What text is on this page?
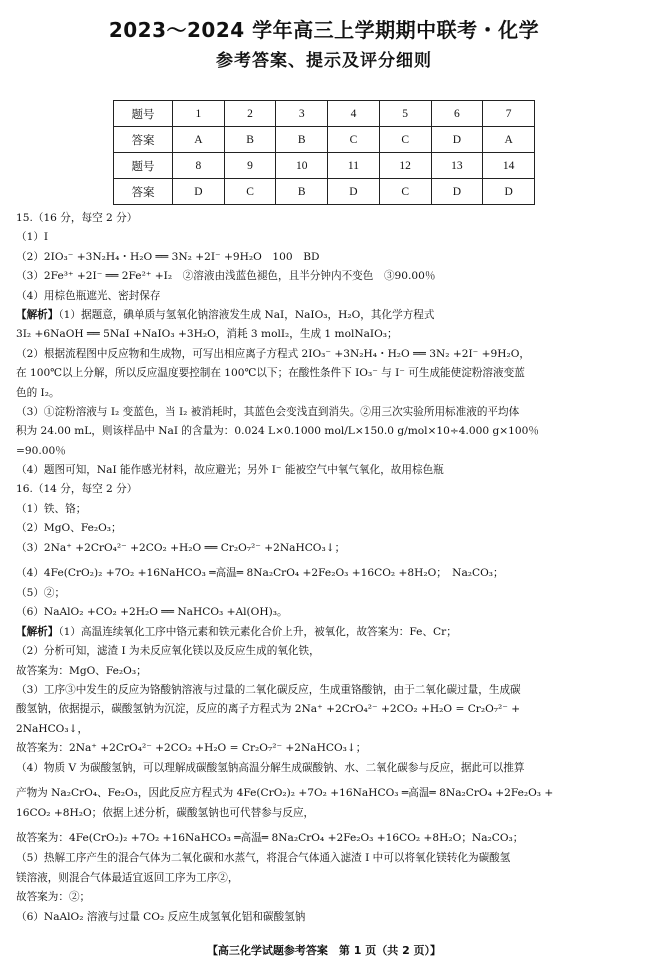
2023～2024 学年高三上学期期中联考・化学
参考答案、提示及评分细则
题号	1	2	3	4	5	6	7
答案	A	B	B	C	C	D	A
题号	8	9	10	11	12	13	14
答案	D	C	B	D	C	D	D
15.（16 分，每空 2 分）
（1）I
（2）2IO₃⁻ +3N₂H₄・H₂O ══ 3N₂ +2I⁻ +9H₂O　100　BD
（3）2Fe³⁺ +2I⁻ ══ 2Fe²⁺ +I₂　②溶液由浅蓝色褪色，且半分钟内不变色　③90.00％
（4）用棕色瓶遮光、密封保存
【解析】（1）据题意，碘单质与氢氧化钠溶液发生成 NaI，NaIO₃，H₂O，其化学方程式
3I₂ +6NaOH ══ 5NaI +NaIO₃ +3H₂O，消耗 3 molI₂，生成 1 molNaIO₃；
（2）根据流程图中反应物和生成物，可写出相应离子方程式 2IO₃⁻ +3N₂H₄・H₂O ══ 3N₂ +2I⁻ +9H₂O，
在 100℃以上分解，所以反应温度要控制在 100℃以下；在酸性条件下 IO₃⁻ 与 I⁻ 可生成能使淀粉溶液变蓝
色的 I₂。
（3）①淀粉溶液与 I₂ 变蓝色，当 I₂ 被消耗时，其蓝色会变浅直到消失。②用三次实验所用标准液的平均体
积为 24.00 mL，则该样品中 NaI 的含量为：0.024 L×0.1000 mol/L×150.0 g/mol×10÷4.000 g×100％
=90.00％
（4）题图可知，NaI 能作感光材料，故应避光；另外 I⁻ 能被空气中氧气氧化，故用棕色瓶
16.（14 分，每空 2 分）
（1）铁、铬；
（2）MgO、Fe₂O₃；
（3）2Na⁺ +2CrO₄²⁻ +2CO₂ +H₂O ══ Cr₂O₇²⁻ +2NaHCO₃↓；
（4）4Fe(CrO₂)₂ +7O₂ +16NaHCO₃ ═高温═ 8Na₂CrO₄ +2Fe₂O₃ +16CO₂ +8H₂O；　Na₂CO₃；
（5）②；
（6）NaAlO₂ +CO₂ +2H₂O ══ NaHCO₃ +Al(OH)₃。
【解析】（1）高温连续氧化工序中铬元素和铁元素化合价上升，被氧化，故答案为：Fe、Cr；
（2）分析可知，滤渣 I 为未反应氧化镁以及反应生成的氧化铁，
故答案为：MgO、Fe₂O₃；
（3）工序③中发生的反应为铬酸钠溶液与过量的二氧化碳反应，生成重铬酸钠，由于二氧化碳过量，生成碳
酸氢钠，依据提示，碳酸氢钠为沉淀，反应的离子方程式为 2Na⁺ +2CrO₄²⁻ +2CO₂ +H₂O = Cr₂O₇²⁻ +
2NaHCO₃↓，
故答案为：2Na⁺ +2CrO₄²⁻ +2CO₂ +H₂O = Cr₂O₇²⁻ +2NaHCO₃↓；
（4）物质 V 为碳酸氢钠，可以理解成碳酸氢钠高温分解生成碳酸钠、水、二氧化碳参与反应，据此可以推算
产物为 Na₂CrO₄、Fe₂O₃，因此反应方程式为 4Fe(CrO₂)₂ +7O₂ +16NaHCO₃ ═高温═ 8Na₂CrO₄ +2Fe₂O₃ +
16CO₂ +8H₂O；依据上述分析，碳酸氢钠也可代替参与反应，
故答案为：4Fe(CrO₂)₂ +7O₂ +16NaHCO₃ ═高温═ 8Na₂CrO₄ +2Fe₂O₃ +16CO₂ +8H₂O；Na₂CO₃；
（5）热解工序产生的混合气体为二氧化碳和水蒸气，将混合气体通入滤渣 I 中可以将氧化镁转化为碳酸氢
镁溶液，则混合气体最适宜返回工序为工序②，
故答案为：②；
（6）NaAlO₂ 溶液与过量 CO₂ 反应生成氢氧化铝和碳酸氢钠
【高三化学试题参考答案　第 1 页（共 2 页）】
